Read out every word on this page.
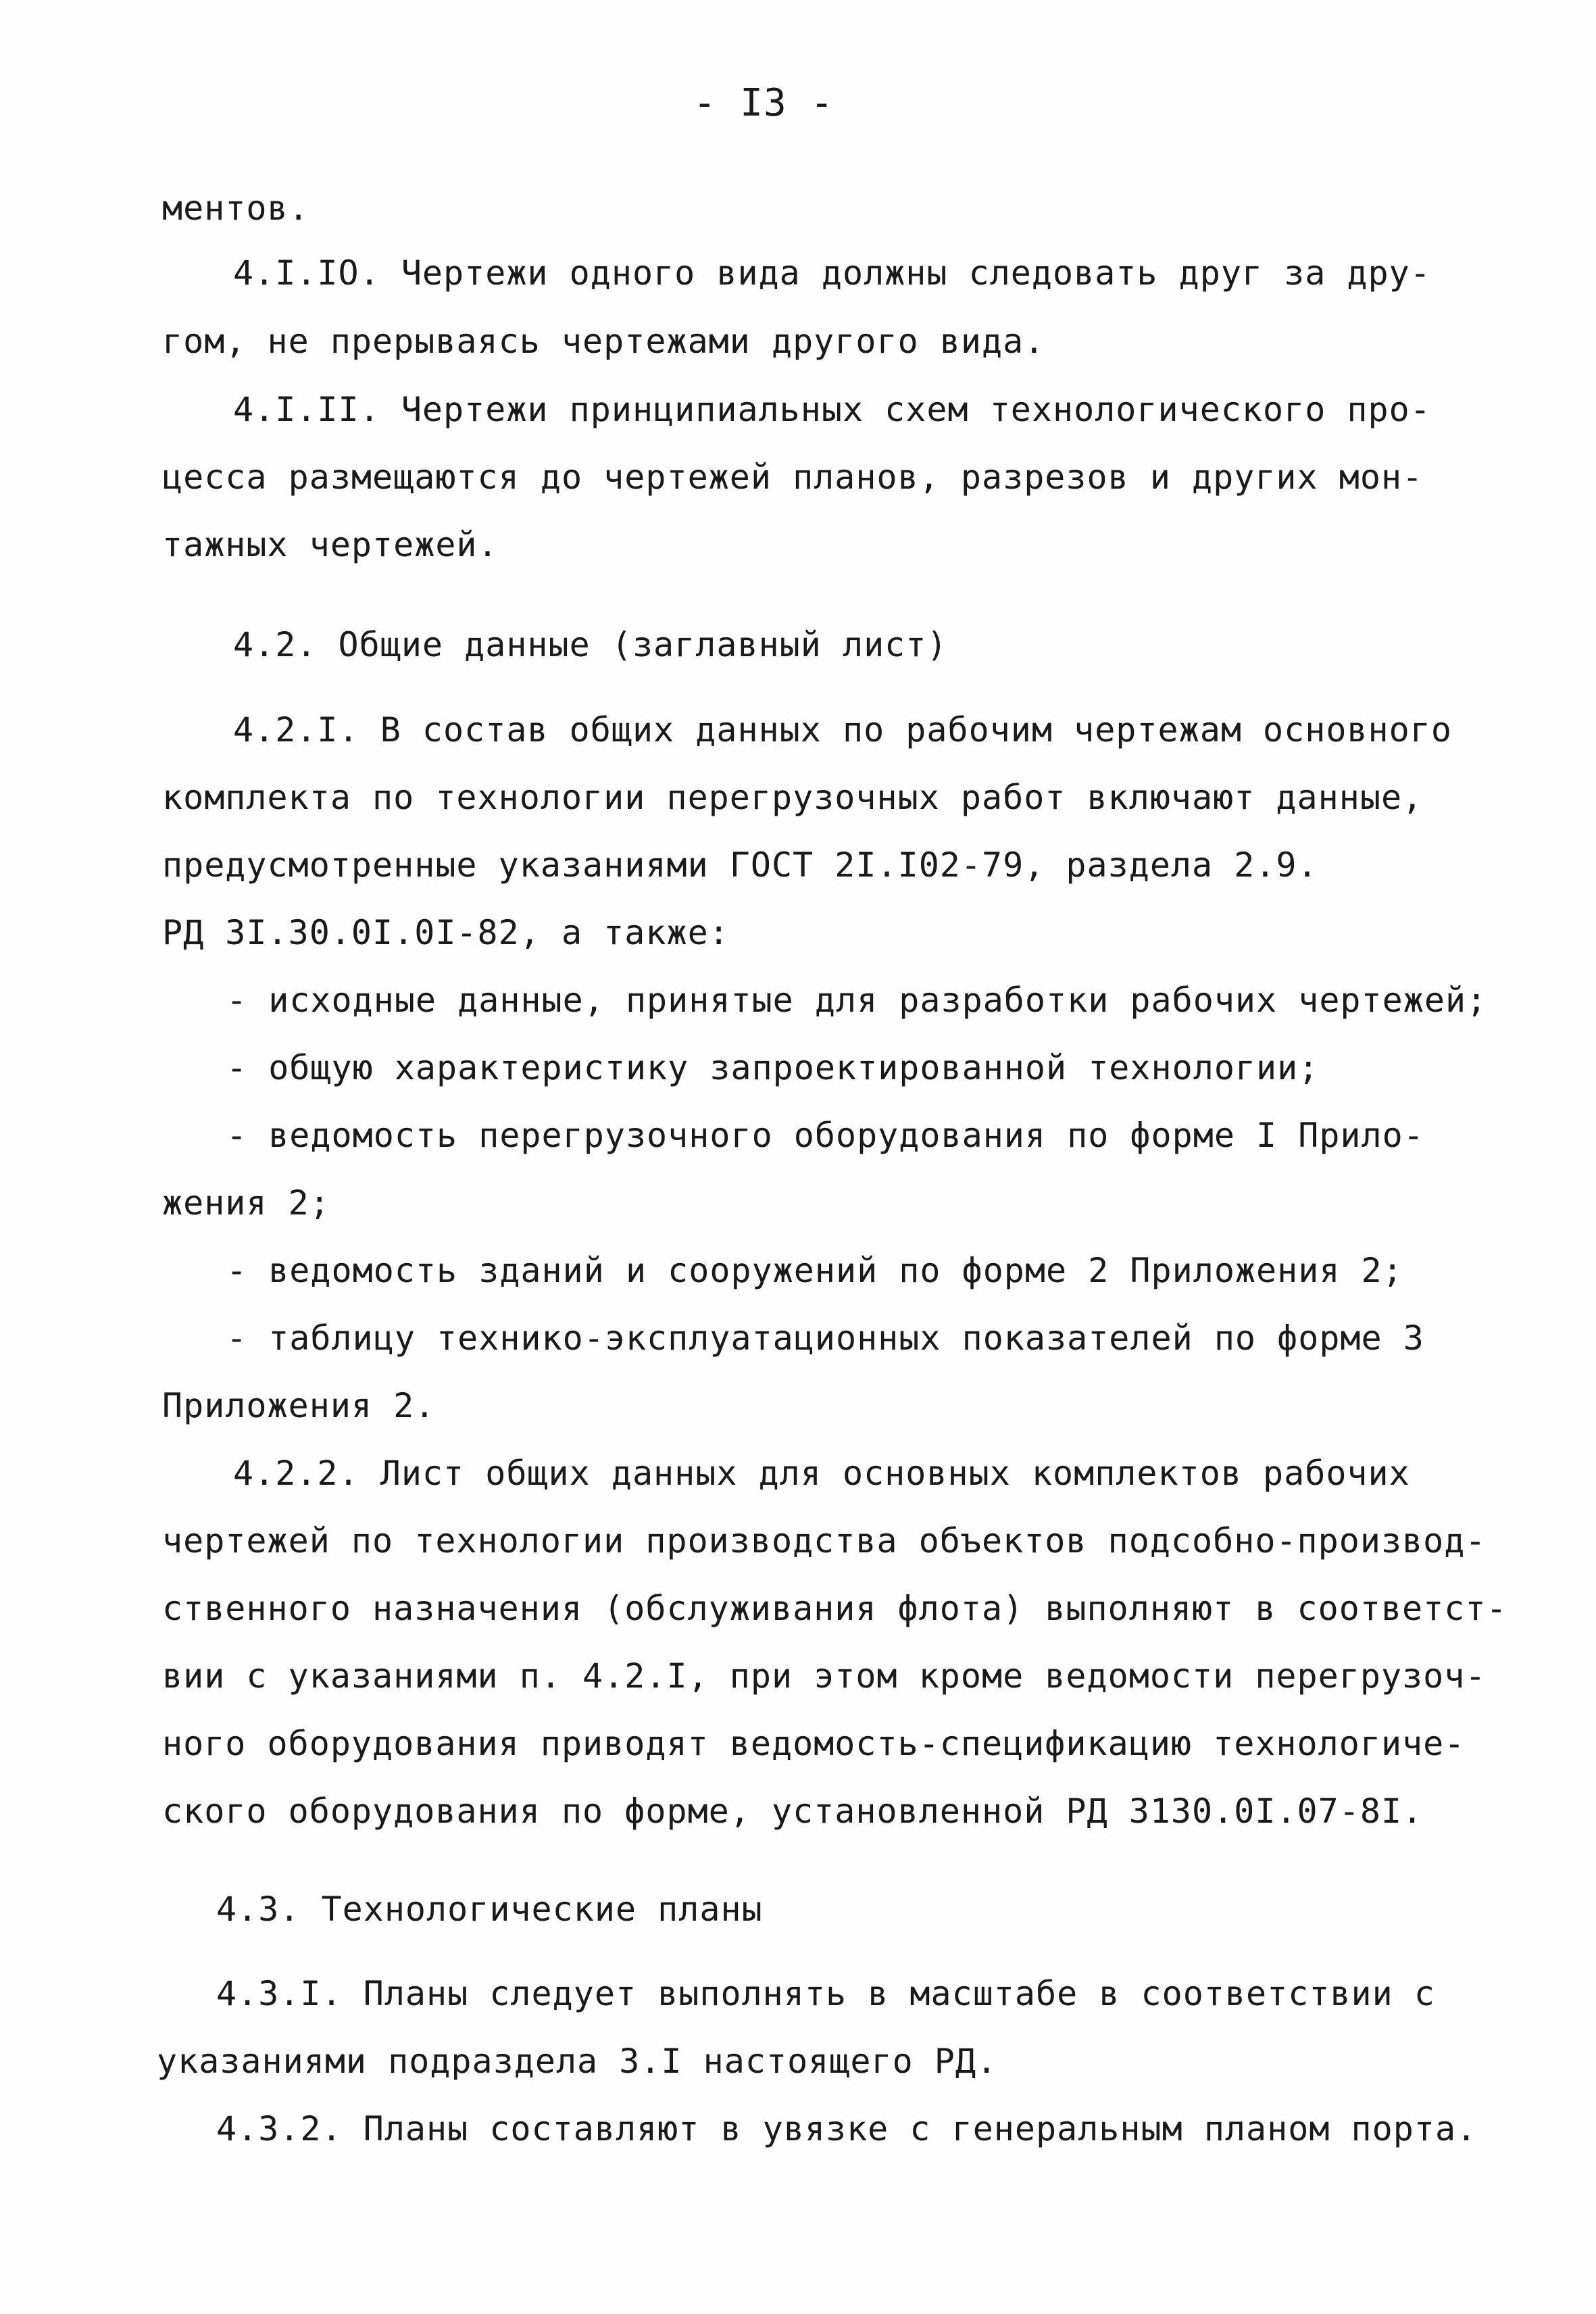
- I3 -

ментов.

4.I.IO. Чертежи одного вида должны следовать друг за дру-

гом, не прерываясь чертежами другого вида.

4.I.II. Чертежи принципиальных схем технологического про-

цесса размещаются до чертежей планов, разрезов и других мон-

тажных чертежей.

4.2. Общие данные (заглавный лист)

4.2.I. В состав общих данных по рабочим чертежам основного

комплекта по технологии перегрузочных работ включают данные,

предусмотренные указаниями ГОСТ 2I.I02-79, раздела 2.9.

РД 3I.30.0I.0I-82, а также:

- исходные данные, принятые для разработки рабочих чертежей;

- общую характеристику запроектированной технологии;

- ведомость перегрузочного оборудования по форме I Прило-

жения 2;

- ведомость зданий и сооружений по форме 2 Приложения 2;

- таблицу технико-эксплуатационных показателей по форме 3

Приложения 2.

4.2.2. Лист общих данных для основных комплектов рабочих

чертежей по технологии производства объектов подсобно-производ-

ственного назначения (обслуживания флота) выполняют в соответст-

вии с указаниями п. 4.2.I, при этом кроме ведомости перегрузоч-

ного оборудования приводят ведомость-спецификацию технологиче-

ского оборудования по форме, установленной РД 3130.0I.07-8I.

4.3. Технологические планы

4.3.I. Планы следует выполнять в масштабе в соответствии с

указаниями подраздела 3.I настоящего РД.

4.3.2. Планы составляют в увязке с генеральным планом порта.
